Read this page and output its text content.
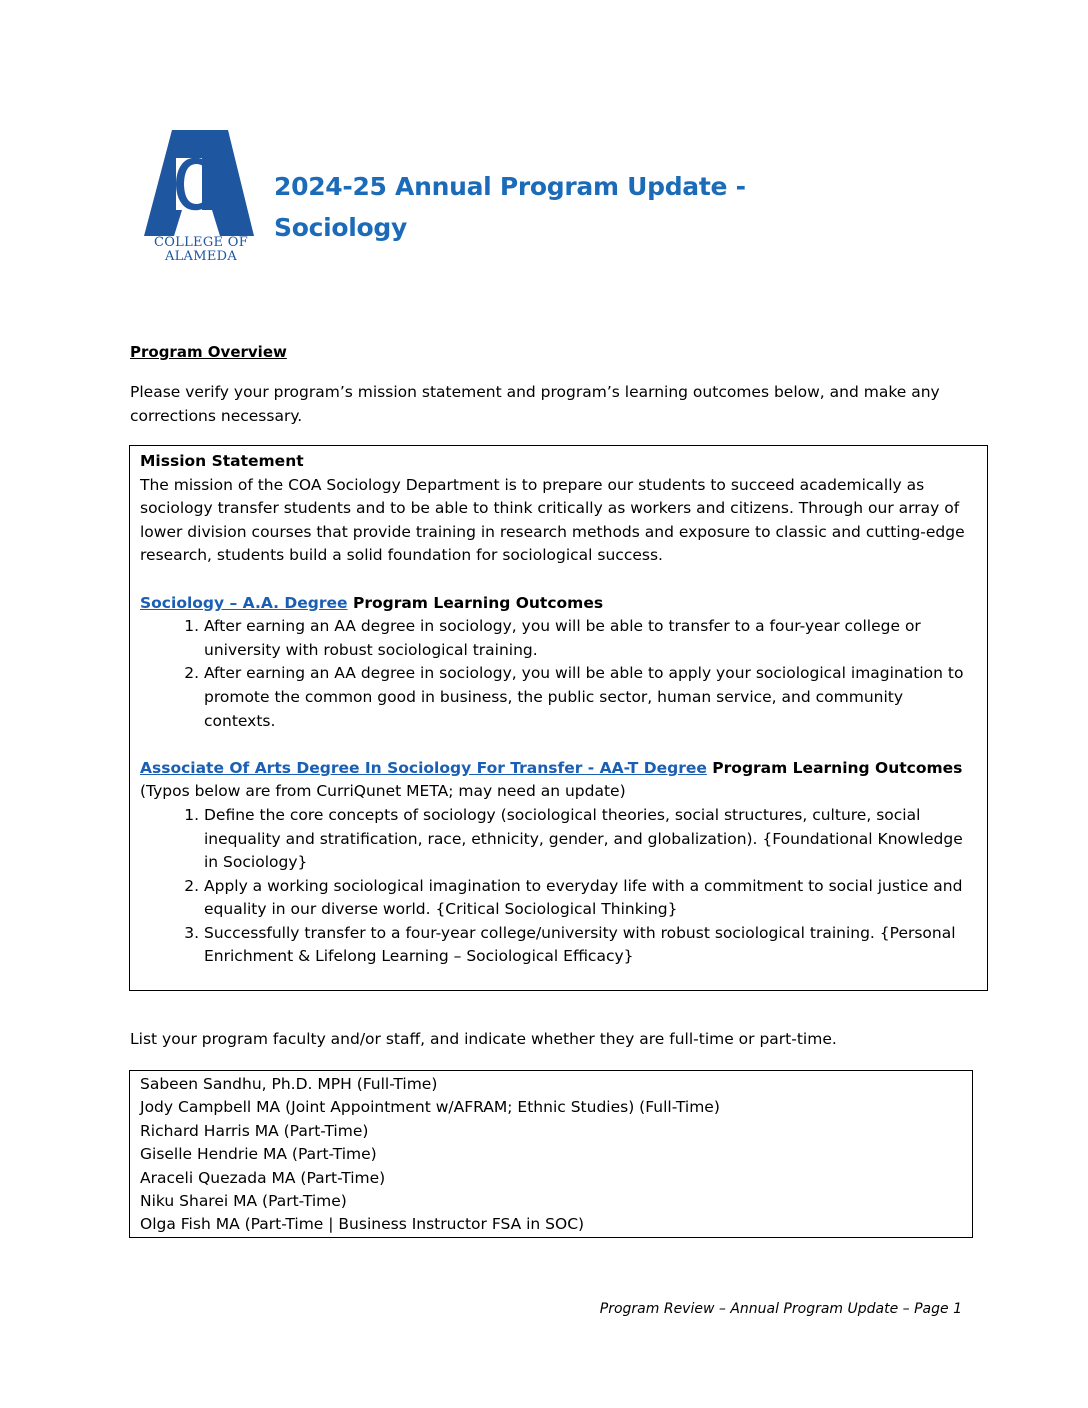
COLLEGE OF
ALAMEDA
2024-25 Annual Program Update -
Sociology
Program Overview
Please verify your program’s mission statement and program’s learning outcomes below, and make any corrections necessary.
Mission Statement
The mission of the COA Sociology Department is to prepare our students to succeed academically as sociology transfer students and to be able to think critically as workers and citizens. Through our array of lower division courses that provide training in research methods and exposure to classic and cutting-edge research, students build a solid foundation for sociological success.
Sociology – A.A. Degree Program Learning Outcomes
1. After earning an AA degree in sociology, you will be able to transfer to a four-year college or university with robust sociological training.
2. After earning an AA degree in sociology, you will be able to apply your sociological imagination to promote the common good in business, the public sector, human service, and community contexts.
Associate Of Arts Degree In Sociology For Transfer - AA-T Degree Program Learning Outcomes
(Typos below are from CurriQunet META; may need an update)
1. Define the core concepts of sociology (sociological theories, social structures, culture, social inequality and stratification, race, ethnicity, gender, and globalization). {Foundational Knowledge in Sociology}
2. Apply a working sociological imagination to everyday life with a commitment to social justice and equality in our diverse world. {Critical Sociological Thinking}
3. Successfully transfer to a four-year college/university with robust sociological training. {Personal Enrichment & Lifelong Learning – Sociological Efficacy}
List your program faculty and/or staff, and indicate whether they are full-time or part-time.
Sabeen Sandhu, Ph.D. MPH (Full-Time)
Jody Campbell MA (Joint Appointment w/AFRAM; Ethnic Studies) (Full-Time)
Richard Harris MA (Part-Time)
Giselle Hendrie MA (Part-Time)
Araceli Quezada MA (Part-Time)
Niku Sharei MA (Part-Time)
Olga Fish MA (Part-Time | Business Instructor FSA in SOC)
Program Review – Annual Program Update – Page 1
